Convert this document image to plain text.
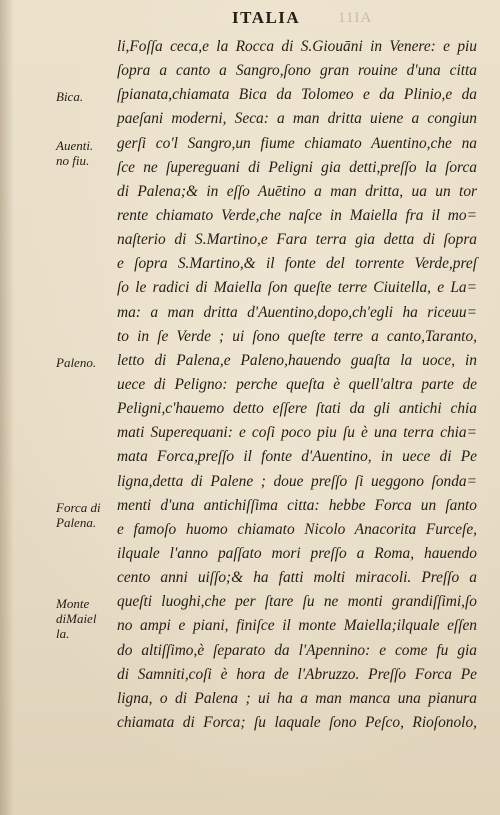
ITALIA	11IA
Bica.
Auenti.
no fiu.
Paleno.
Forca di
Palena.
Monte
diMaiel
la.
li,Foſſa ceca,e la Rocca di S.Giouāni in Venere: e piu
ſopra a canto a Sangro,ſono gran rouine d'una citta
ſpianata,chiamata Bica da Tolomeo e da Plinio,e da
paeſani moderni, Seca: a man dritta uiene a congiun
gerſi co'l Sangro,un fiume chiamato Auentino,che na
ſce ne ſupereguani di Peligni gia detti,preſſo la ſorca
di Palena;& in eſſo Auētino a man dritta, ua un tor
rente chiamato Verde,che naſce in Maiella fra il mo=
naſterio di S.Martino,e Fara terra gia detta di ſopra
e ſopra S.Martino,& il fonte del torrente Verde,preſ
ſo le radici di Maiella ſon queſte terre Ciuitella, e La=
ma: a man dritta d'Auentino,dopo,ch'egli ha riceuu=
to in ſe Verde ; ui ſono queſte terre a canto,Taranto,
letto di Palena,e Paleno,hauendo guaſta la uoce, in
uece di Peligno: perche queſta è quell'altra parte de
Peligni,c'hauemo detto eſſere ſtati da gli antichi chia
mati Superequani: e coſi poco piu ſu è una terra chia=
mata Forca,preſſo il fonte d'Auentino, in uece di Pe
ligna,detta di Palene ; doue preſſo ſi ueggono ſonda=
menti d'una antichiſſima citta: hebbe Forca un ſanto
e famoſo huomo chiamato Nicolo Anacorita Furceſe,
ilquale l'anno paſſato mori preſſo a Roma, hauendo
cento anni uiſſo;& ha fatti molti miracoli. Preſſo a
queſti luoghi,che per ſtare ſu ne monti grandiſſimi,ſo
no ampi e piani, finiſce il monte Maiella;ilquale eſſen
do altiſſimo,è ſeparato da l'Apennino: e come fu gia
di Samniti,coſi è hora de l'Abruzzo. Preſſo Forca Pe
ligna, o di Palena ; ui ha a man manca una pianura
chiamata di Forca; ſu laquale ſono Peſco, Rioſonolo,
